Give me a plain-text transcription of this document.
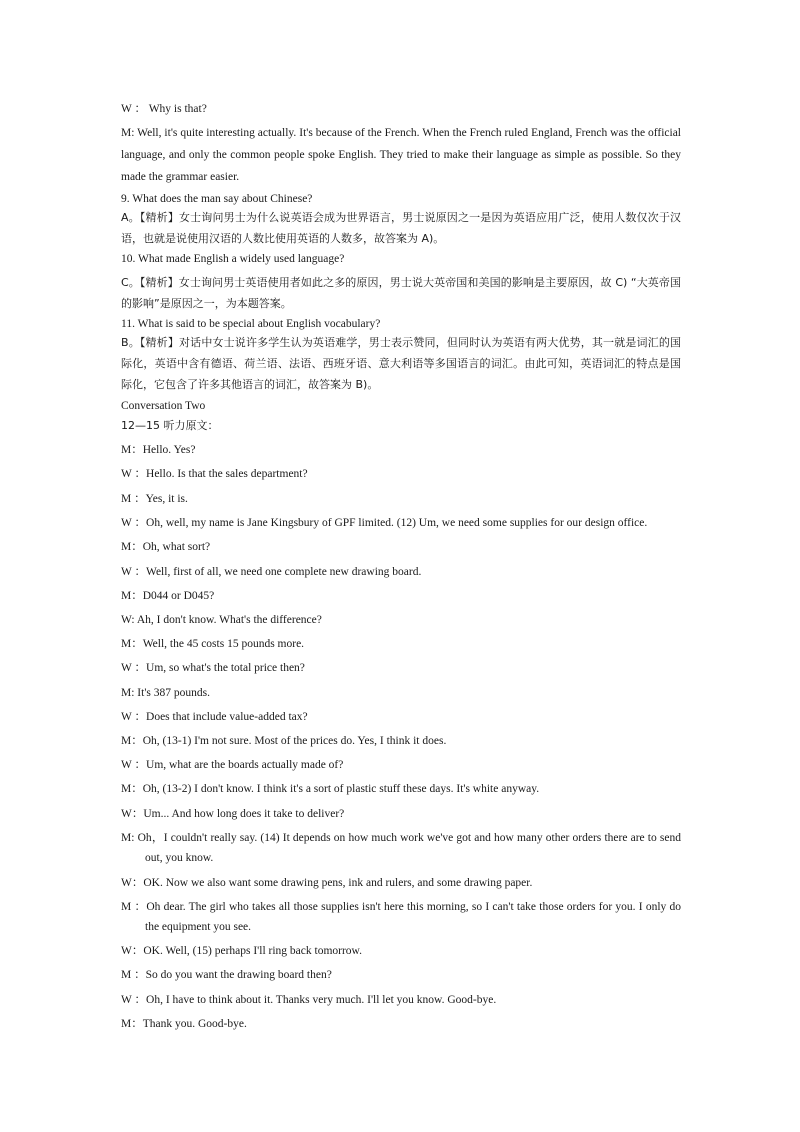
W ： Why is that?
M: Well, it's quite interesting actually. It's because of the French. When the French ruled England, French was the official language, and only the common people spoke English. They tried to make their language as simple as possible. So they made the grammar easier.
9. What does the man say about Chinese?
A。【精析】女士询问男士为什么说英语会成为世界语言，男士说原因之一是因为英语应用广泛，使用人数仅次于汉语，也就是说使用汉语的人数比使用英语的人数多，故答案为 A)。
10. What made English a widely used language?
C。【精析】女士询问男士英语使用者如此之多的原因，男士说大英帝国和美国的影响是主要原因，故 C) “大英帝国的影响”是原因之一，为本题答案。
11. What is said to be special about English vocabulary?
B。【精析】对话中女士说许多学生认为英语难学，男士表示赞同，但同时认为英语有两大优势，其一就是词汇的国际化，英语中含有德语、荷兰语、法语、西班牙语、意大利语等多国语言的词汇。由此可知，英语词汇的特点是国际化，它包含了许多其他语言的词汇，故答案为 B)。
Conversation Two
12—15 听力原文：
M：Hello. Yes?
W ：Hello. Is that the sales department?
M ：Yes, it is.
W ：Oh, well, my name is Jane Kingsbury of GPF limited. (12) Um, we need some supplies for our design office.
M：Oh, what sort?
W ：Well, first of all, we need one complete new drawing board.
M：D044 or D045?
W: Ah, I don't know. What's the difference?
M：Well, the 45 costs 15 pounds more.
W ：Um, so what's the total price then?
M: It's 387 pounds.
W ：Does that include value-added tax?
M：Oh, (13-1) I'm not sure. Most of the prices do. Yes, I think it does.
W ：Um, what are the boards actually made of?
M：Oh, (13-2) I don't know. I think it's a sort of plastic stuff these days. It's white anyway.
W：Um... And how long does it take to deliver?
M: Oh，I couldn't really say. (14) It depends on how much work we've got and how many other orders there are to send out, you know.
W：OK. Now we also want some drawing pens, ink and rulers, and some drawing paper.
M ：Oh dear. The girl who takes all those supplies isn't here this morning, so I can't take those orders for you. I only do the equipment you see.
W：OK. Well, (15) perhaps I'll ring back tomorrow.
M ：So do you want the drawing board then?
W ：Oh, I have to think about it. Thanks very much. I'll let you know. Good-bye.
M：Thank you. Good-bye.
